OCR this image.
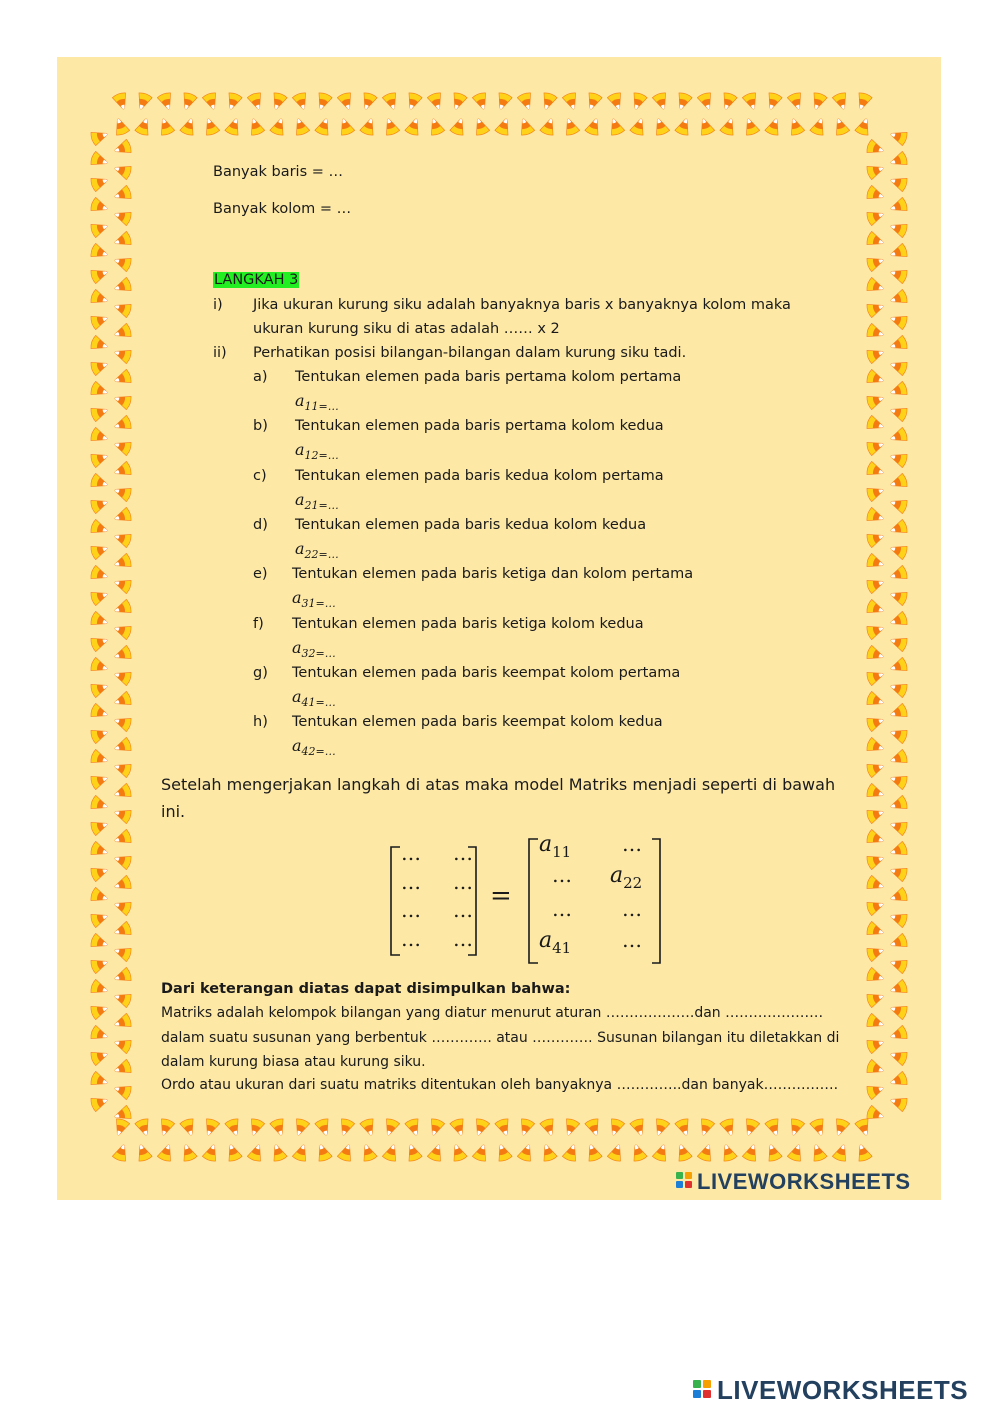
Banyak baris = …
Banyak kolom = …
LANGKAH 3
i) Jika ukuran kurung siku adalah banyaknya baris x banyaknya kolom maka
ukuran kurung siku di atas adalah …… x 2
ii) Perhatikan posisi bilangan-bilangan dalam kurung siku tadi.
a) Tentukan elemen pada baris pertama kolom pertama
$a_{11=\dots}$
b) Tentukan elemen pada baris pertama kolom kedua
$a_{12=\dots}$
c) Tentukan elemen pada baris kedua kolom pertama
$a_{21=\dots}$
d) Tentukan elemen pada baris kedua kolom kedua
$a_{22=\dots}$
e) Tentukan elemen pada baris ketiga dan kolom pertama
$a_{31=\dots}$
f) Tentukan elemen pada baris ketiga kolom kedua
$a_{32=\dots}$
g) Tentukan elemen pada baris keempat kolom pertama
$a_{41=\dots}$
h) Tentukan elemen pada baris keempat kolom kedua
$a_{42=\dots}$
Setelah mengerjakan langkah di atas maka model Matriks menjadi seperti di bawah
ini.
… …
… …
… …
… …
=
$a_{11}$	…
… $a_{22}$
…	…
$a_{41}$	…
Dari keterangan diatas dapat disimpulkan bahwa:
Matriks adalah kelompok bilangan yang diatur menurut aturan ……………….dan …………………
dalam suatu susunan yang berbentuk …………. atau …………. Susunan bilangan itu diletakkan di
dalam kurung biasa atau kurung siku.
Ordo atau ukuran dari suatu matriks ditentukan oleh banyaknya …………..dan banyak…………….
LIVEWORKSHEETS
LIVEWORKSHEETS
